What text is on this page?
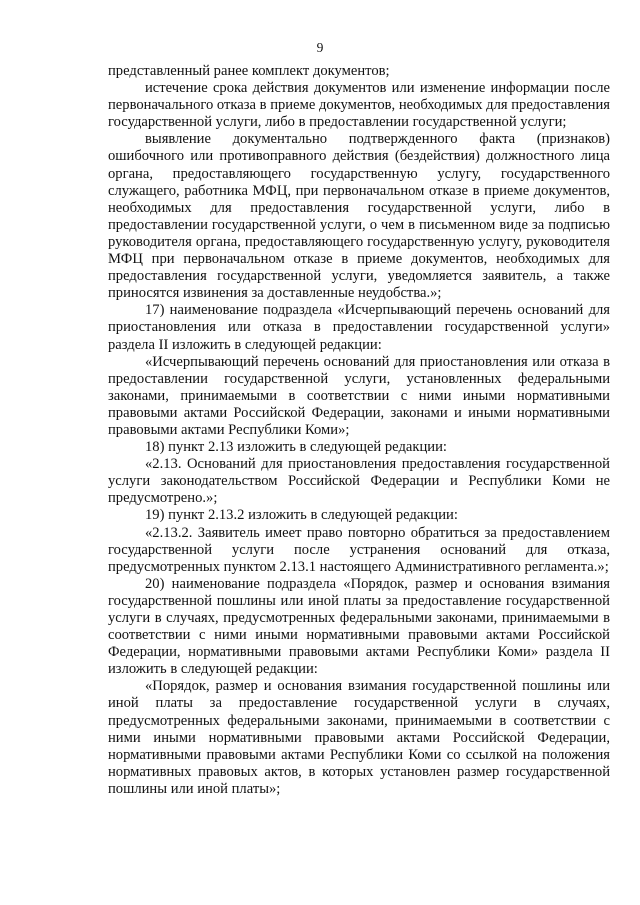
9

представленный ранее комплект документов;

истечение срока действия документов или изменение информации после первоначального отказа в приеме документов, необходимых для предоставления государственной услуги, либо в предоставлении государственной услуги;

выявление документально подтвержденного факта (признаков) ошибочного или противоправного действия (бездействия) должностного лица органа, предоставляющего государственную услугу, государственного служащего, работника МФЦ, при первоначальном отказе в приеме документов, необходимых для предоставления государственной услуги, либо в предоставлении государственной услуги, о чем в письменном виде за подписью руководителя органа, предоставляющего государственную услугу, руководителя МФЦ при первоначальном отказе в приеме документов, необходимых для предоставления государственной услуги, уведомляется заявитель, а также приносятся извинения за доставленные неудобства.»;

17) наименование подраздела «Исчерпывающий перечень оснований для приостановления или отказа в предоставлении государственной услуги» раздела II изложить в следующей редакции:

«Исчерпывающий перечень оснований для приостановления или отказа в предоставлении государственной услуги, установленных федеральными законами, принимаемыми в соответствии с ними иными нормативными правовыми актами Российской Федерации, законами и иными нормативными правовыми актами Республики Коми»;

18) пункт 2.13 изложить в следующей редакции:

«2.13. Оснований для приостановления предоставления государственной услуги законодательством Российской Федерации и Республики Коми не предусмотрено.»;

19) пункт 2.13.2 изложить в следующей редакции:

«2.13.2. Заявитель имеет право повторно обратиться за предоставлением государственной услуги после устранения оснований для отказа, предусмотренных пунктом 2.13.1 настоящего Административного регламента.»;

20) наименование подраздела «Порядок, размер и основания взимания государственной пошлины или иной платы за предоставление государственной услуги в случаях, предусмотренных федеральными законами, принимаемыми в соответствии с ними иными нормативными правовыми актами Российской Федерации, нормативными правовыми актами Республики Коми» раздела II изложить в следующей редакции:

«Порядок, размер и основания взимания государственной пошлины или иной платы за предоставление государственной услуги в случаях, предусмотренных федеральными законами, принимаемыми в соответствии с ними иными нормативными правовыми актами Российской Федерации, нормативными правовыми актами Республики Коми со ссылкой на положения нормативных правовых актов, в которых установлен размер государственной пошлины или иной платы»;
